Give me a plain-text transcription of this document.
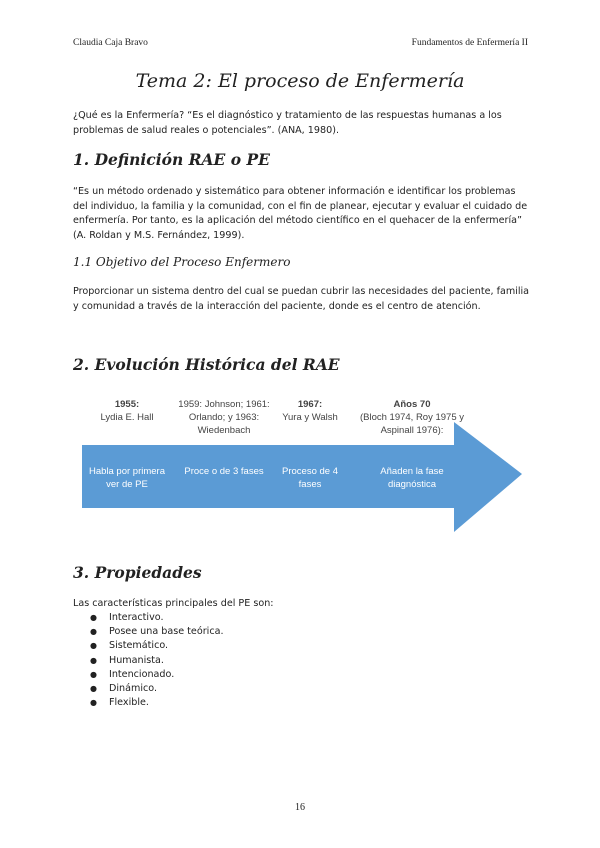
Claudia Caja Bravo	Fundamentos de Enfermería II
Tema 2: El proceso de Enfermería
¿Qué es la Enfermería? “Es el diagnóstico y tratamiento de las respuestas humanas a los problemas de salud reales o potenciales”. (ANA, 1980).
1. Definición RAE o PE
“Es un método ordenado y sistemático para obtener información e identificar los problemas del individuo, la familia y la comunidad, con el fin de planear, ejecutar y evaluar el cuidado de enfermería. Por tanto, es la aplicación del método científico en el quehacer de la enfermería” (A. Roldan y M.S. Fernández, 1999).
1.1 Objetivo del Proceso Enfermero
Proporcionar un sistema dentro del cual se puedan cubrir las necesidades del paciente, familia y comunidad a través de la interacción del paciente, donde es el centro de atención.
2. Evolución Histórica del RAE
1955:
Lydia E. Hall
Habla por primera
ver de PE
1959: Johnson; 1961:
Orlando; y 1963:
Wiedenbach
Proce o de 3 fases
1967:
Yura y Walsh
Proceso de 4
fases
Años 70
(Bloch 1974, Roy 1975 y
Aspinall 1976):
Añaden la fase
diagnóstica
3. Propiedades
Las características principales del PE son:
● Interactivo.
● Posee una base teórica.
● Sistemático.
● Humanista.
● Intencionado.
● Dinámico.
● Flexible.
16
